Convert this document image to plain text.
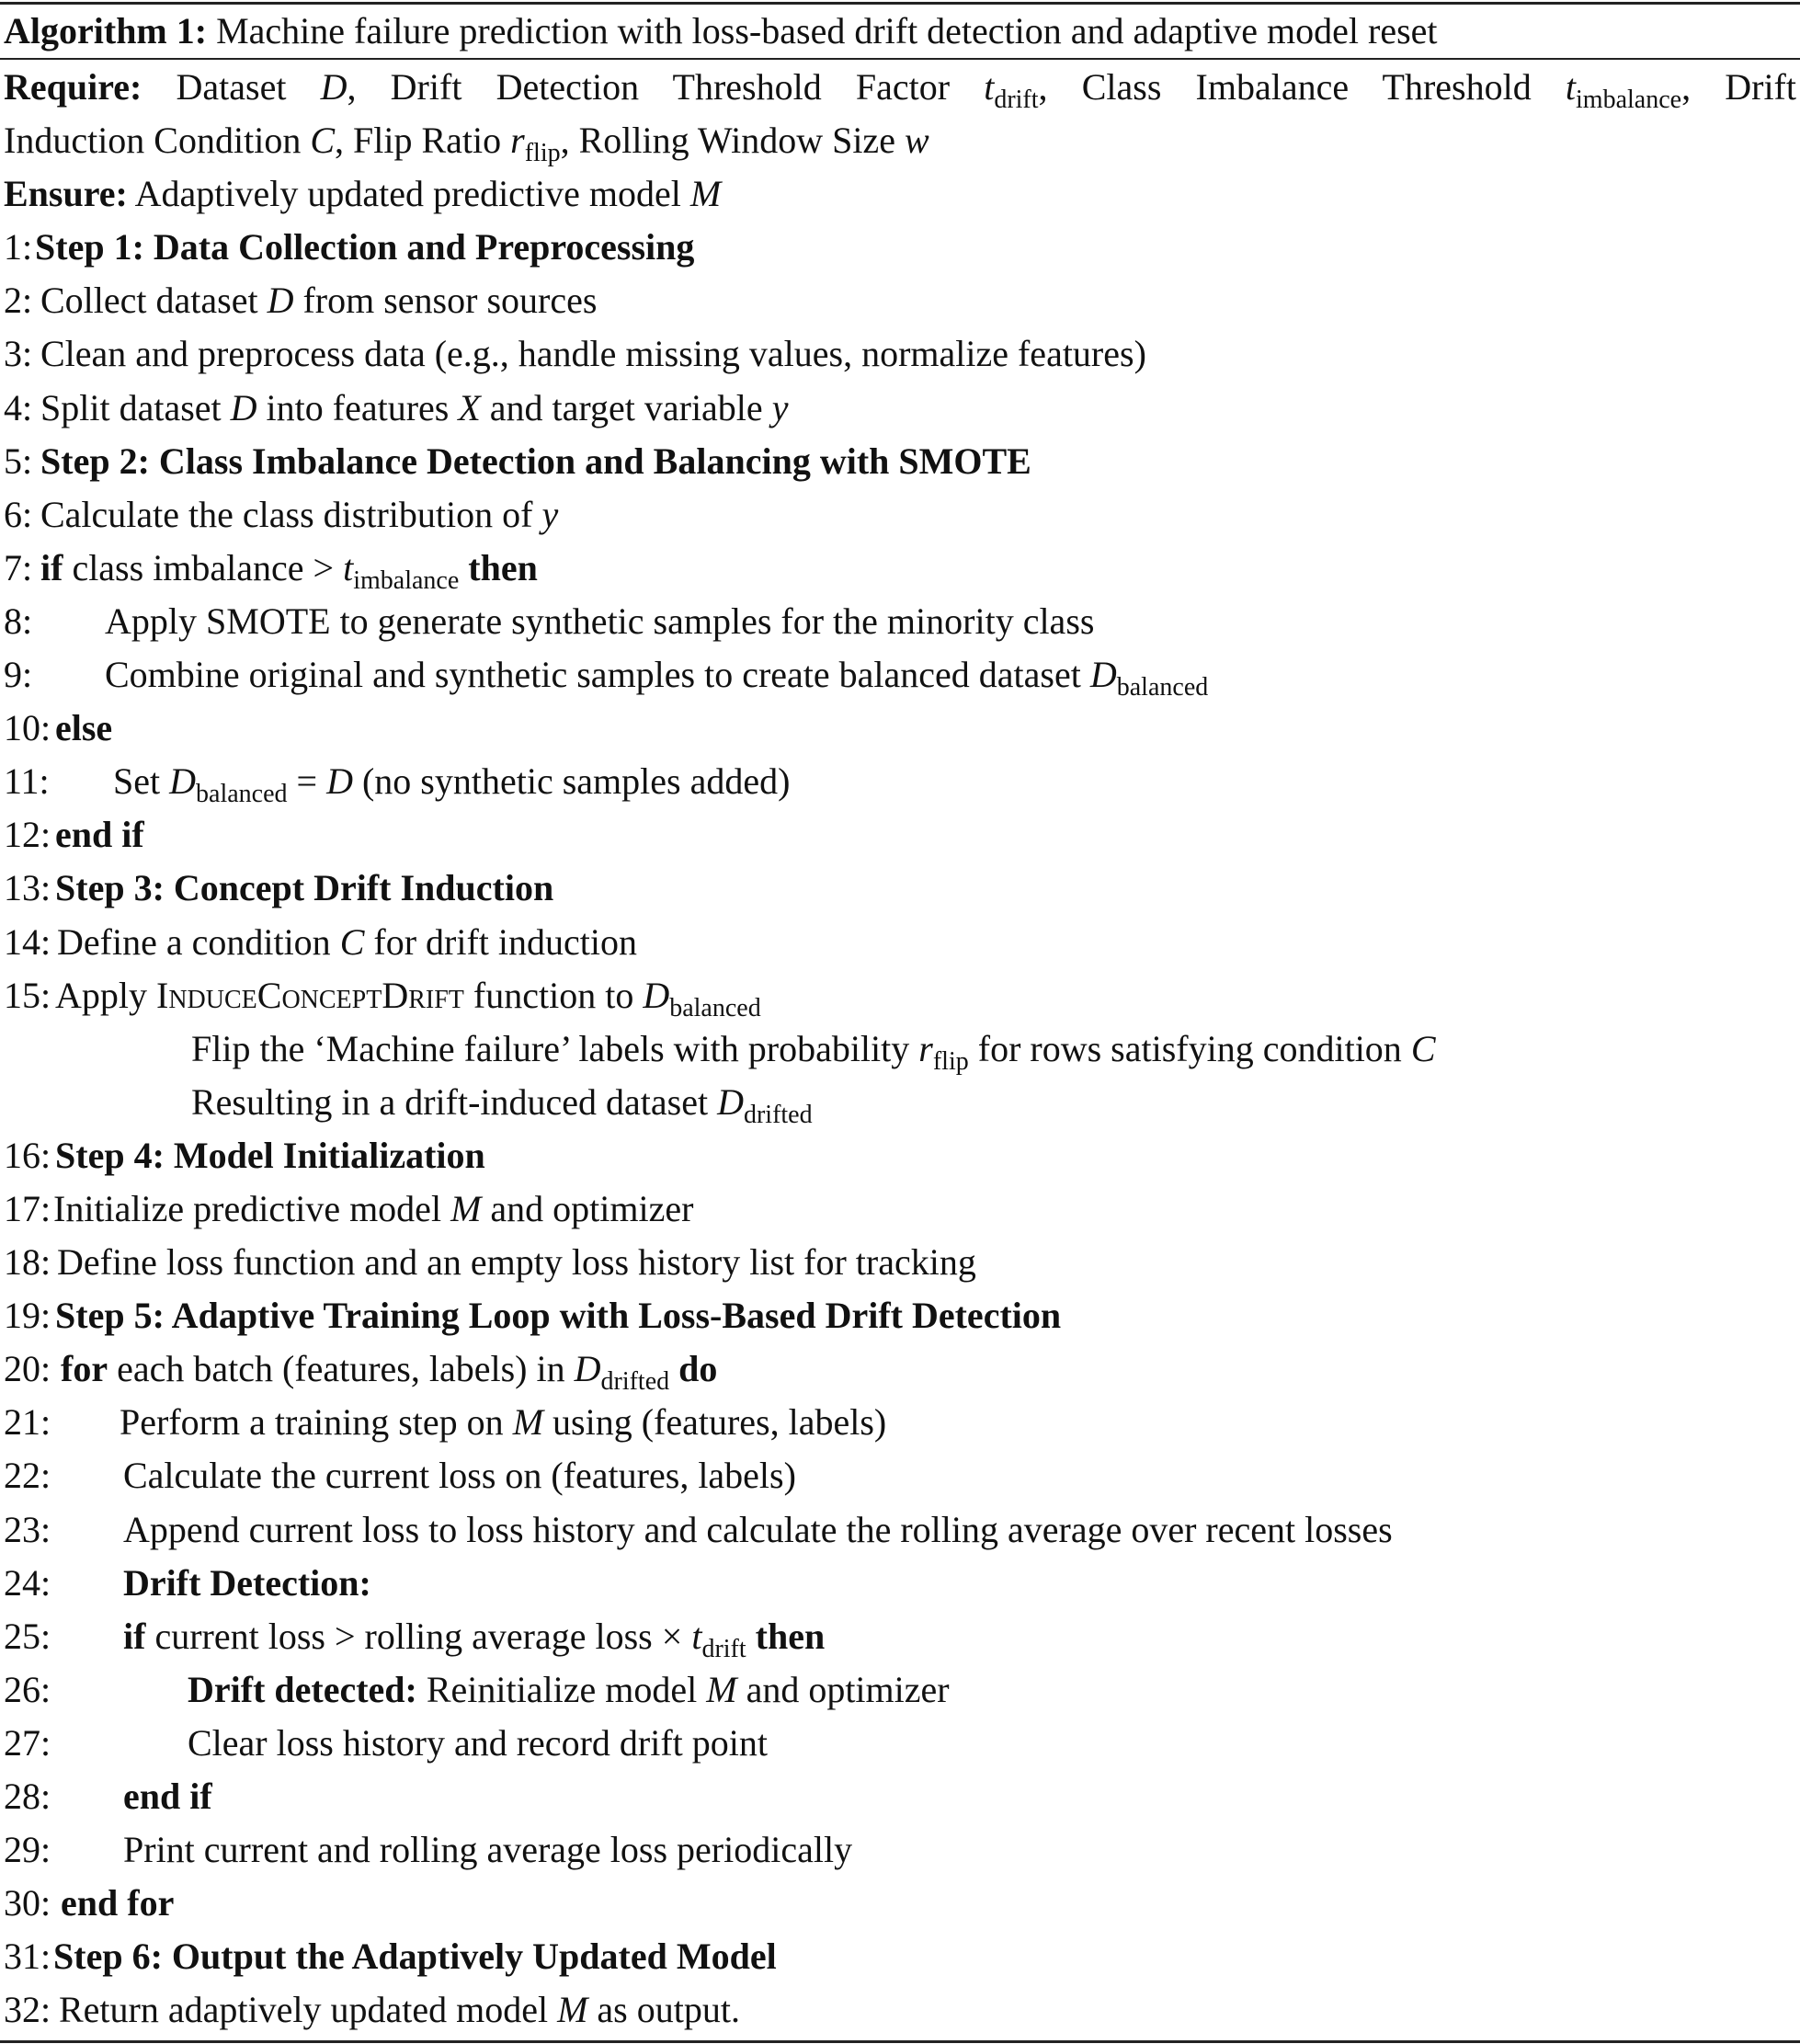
Algorithm 1: Machine failure prediction with loss-based drift detection and adaptive model reset
Require: Dataset D, Drift Detection Threshold Factor $t_{drift}$, Class Imbalance Threshold $t_{imbalance}$, Drift
Induction Condition C, Flip Ratio $r_{flip}$, Rolling Window Size w
Ensure: Adaptively updated predictive model M
1: Step 1: Data Collection and Preprocessing
2: Collect dataset D from sensor sources
3: Clean and preprocess data (e.g., handle missing values, normalize features)
4: Split dataset D into features X and target variable y
5: Step 2: Class Imbalance Detection and Balancing with SMOTE
6: Calculate the class distribution of y
7: if class imbalance > $t_{imbalance}$ then
8: Apply SMOTE to generate synthetic samples for the minority class
9: Combine original and synthetic samples to create balanced dataset $D_{balanced}$
10: else
11: Set $D_{balanced} = D$ (no synthetic samples added)
12: end if
13: Step 3: Concept Drift Induction
14: Define a condition C for drift induction
15: Apply InduceConceptDrift function to $D_{balanced}$
Flip the ‘Machine failure’ labels with probability $r_{flip}$ for rows satisfying condition C
Resulting in a drift-induced dataset $D_{drifted}$
16: Step 4: Model Initialization
17: Initialize predictive model M and optimizer
18: Define loss function and an empty loss history list for tracking
19: Step 5: Adaptive Training Loop with Loss-Based Drift Detection
20: for each batch (features, labels) in $D_{drifted}$ do
21: Perform a training step on M using (features, labels)
22: Calculate the current loss on (features, labels)
23: Append current loss to loss history and calculate the rolling average over recent losses
24: Drift Detection:
25: if current loss > rolling average loss × $t_{drift}$ then
26:	Drift detected: Reinitialize model M and optimizer
27:	Clear loss history and record drift point
28: end if
29: Print current and rolling average loss periodically
30: end for
31: Step 6: Output the Adaptively Updated Model
32: Return adaptively updated model M as output.
